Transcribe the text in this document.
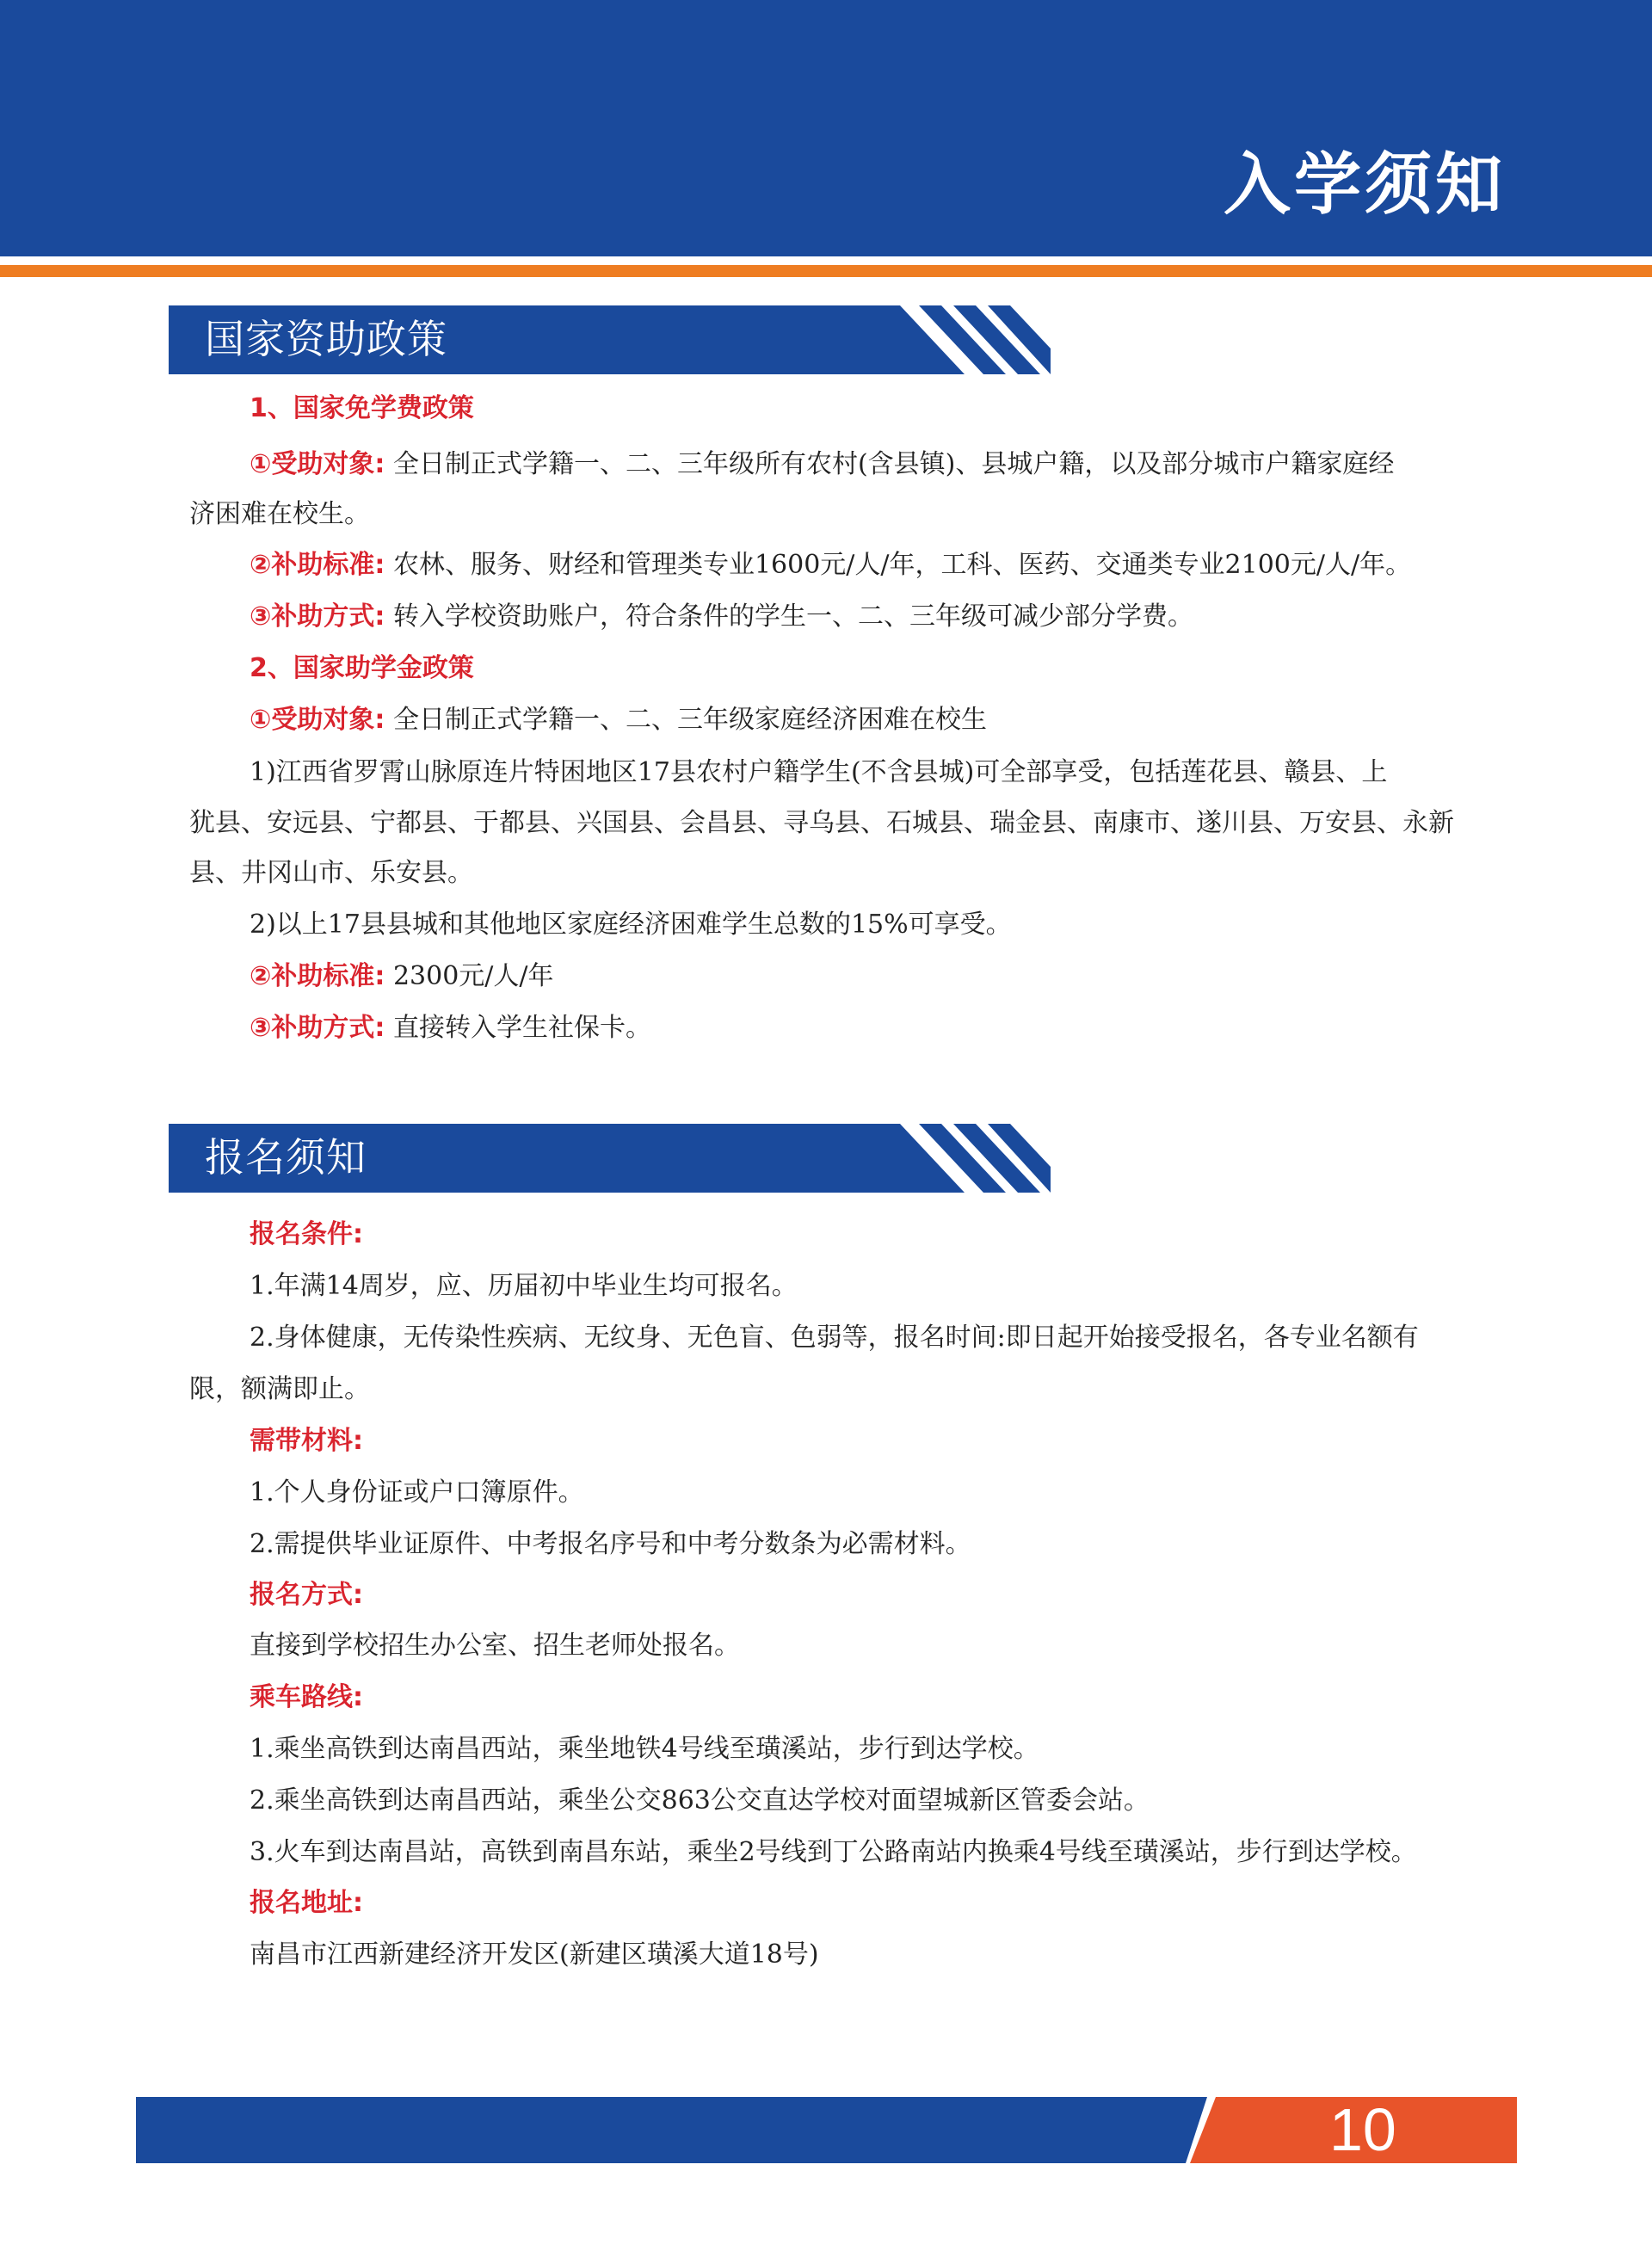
入学须知
国家资助政策
1、国家免学费政策
①受助对象: 全日制正式学籍一、二、三年级所有农村(含县镇)、县城户籍，以及部分城市户籍家庭经
济困难在校生。
②补助标准: 农林、服务、财经和管理类专业1600元/人/年，工科、医药、交通类专业2100元/人/年。
③补助方式: 转入学校资助账户，符合条件的学生一、二、三年级可减少部分学费。
2、国家助学金政策
①受助对象: 全日制正式学籍一、二、三年级家庭经济困难在校生
1)江西省罗霄山脉原连片特困地区17县农村户籍学生(不含县城)可全部享受，包括莲花县、赣县、上
犹县、安远县、宁都县、于都县、兴国县、会昌县、寻乌县、石城县、瑞金县、南康市、遂川县、万安县、永新
县、井冈山市、乐安县。
2)以上17县县城和其他地区家庭经济困难学生总数的15%可享受。
②补助标准: 2300元/人/年
③补助方式: 直接转入学生社保卡。
报名须知
报名条件:
1.年满14周岁，应、历届初中毕业生均可报名。
2.身体健康，无传染性疾病、无纹身、无色盲、色弱等，报名时间:即日起开始接受报名，各专业名额有
限，额满即止。
需带材料:
1.个人身份证或户口簿原件。
2.需提供毕业证原件、中考报名序号和中考分数条为必需材料。
报名方式:
直接到学校招生办公室、招生老师处报名。
乘车路线:
1.乘坐高铁到达南昌西站，乘坐地铁4号线至璜溪站，步行到达学校。
2.乘坐高铁到达南昌西站，乘坐公交863公交直达学校对面望城新区管委会站。
3.火车到达南昌站，高铁到南昌东站，乘坐2号线到丁公路南站内换乘4号线至璜溪站，步行到达学校。
报名地址:
南昌市江西新建经济开发区(新建区璜溪大道18号)
10
